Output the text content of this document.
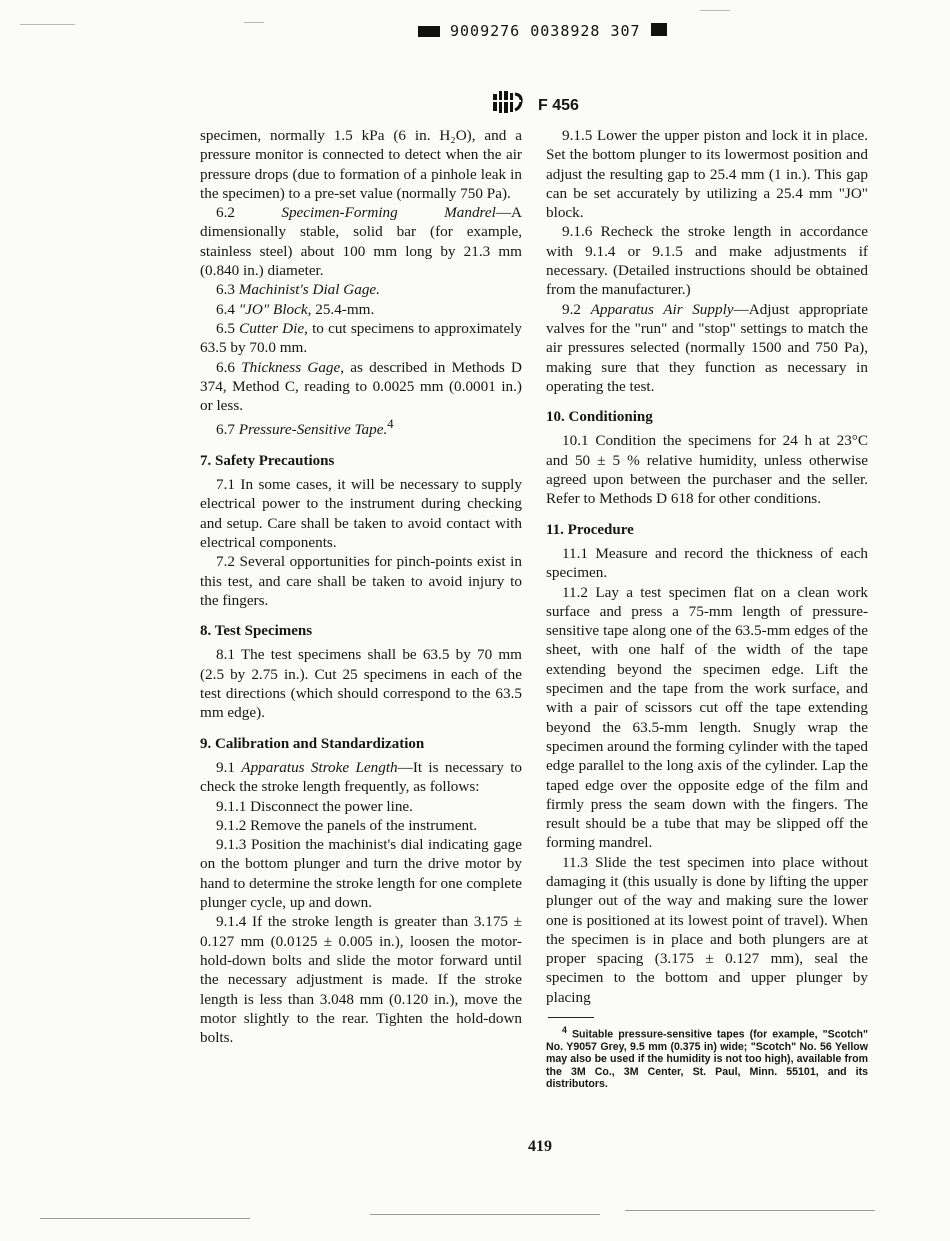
9009276 0038928 307
F 456

specimen, normally 1.5 kPa (6 in. H₂O), and a pressure monitor is connected to detect when the air pressure drops (due to formation of a pinhole leak in the specimen) to a pre-set value (normally 750 Pa).

6.2	Specimen-Forming Mandrel—A dimensionally stable, solid bar (for example, stainless steel) about 100 mm long by 21.3 mm (0.840 in.) diameter.

6.3 Machinist's Dial Gage.

6.4 "JO" Block, 25.4-mm.

6.5 Cutter Die, to cut specimens to approximately 63.5 by 70.0 mm.

6.6 Thickness Gage, as described in Methods D 374, Method C, reading to 0.0025 mm (0.0001 in.) or less.

6.7 Pressure-Sensitive Tape.$^4$

7. Safety Precautions

7.1 In some cases, it will be necessary to supply electrical power to the instrument during checking and setup. Care shall be taken to avoid contact with electrical components.

7.2 Several opportunities for pinch-points exist in this test, and care shall be taken to avoid injury to the fingers.

8. Test Specimens

8.1 The test specimens shall be 63.5 by 70 mm (2.5 by 2.75 in.). Cut 25 specimens in each of the test directions (which should correspond to the 63.5 mm edge).

9. Calibration and Standardization

9.1 Apparatus Stroke Length—It is necessary to check the stroke length frequently, as follows:

9.1.1 Disconnect the power line.

9.1.2 Remove the panels of the instrument.

9.1.3 Position the machinist's dial indicating gage on the bottom plunger and turn the drive motor by hand to determine the stroke length for one complete plunger cycle, up and down.

9.1.4 If the stroke length is greater than 3.175 ± 0.127 mm (0.0125 ± 0.005 in.), loosen the motor-hold-down bolts and slide the motor forward until the necessary adjustment is made. If the stroke length is less than 3.048 mm (0.120 in.), move the motor slightly to the rear. Tighten the hold-down bolts.

9.1.5 Lower the upper piston and lock it in place. Set the bottom plunger to its lowermost position and adjust the resulting gap to 25.4 mm (1 in.). This gap can be set accurately by utilizing a 25.4 mm "JO" block.

9.1.6 Recheck the stroke length in accordance with 9.1.4 or 9.1.5 and make adjustments if necessary. (Detailed instructions should be obtained from the manufacturer.)

9.2 Apparatus Air Supply—Adjust appropriate valves for the "run" and "stop" settings to match the air pressures selected (normally 1500 and 750 Pa), making sure that they function as necessary in operating the test.

10. Conditioning

10.1 Condition the specimens for 24 h at 23°C and 50 ± 5 % relative humidity, unless otherwise agreed upon between the purchaser and the seller. Refer to Methods D 618 for other conditions.

11. Procedure

11.1 Measure and record the thickness of each specimen.

11.2 Lay a test specimen flat on a clean work surface and press a 75-mm length of pressure-sensitive tape along one of the 63.5-mm edges of the sheet, with one half of the width of the tape extending beyond the specimen edge. Lift the specimen and the tape from the work surface, and with a pair of scissors cut off the tape extending beyond the 63.5-mm length. Snugly wrap the specimen around the forming cylinder with the taped edge parallel to the long axis of the cylinder. Lap the taped edge over the opposite edge of the film and firmly press the seam down with the fingers. The result should be a tube that may be slipped off the forming mandrel.

11.3 Slide the test specimen into place without damaging it (this usually is done by lifting the upper plunger out of the way and making sure the lower one is positioned at its lowest point of travel). When the specimen is in place and both plungers are at proper spacing (3.175 ± 0.127 mm), seal the specimen to the bottom and upper plunger by placing

$^4$ Suitable pressure-sensitive tapes (for example, "Scotch" No. Y9057 Grey, 9.5 mm (0.375 in) wide; "Scotch" No. 56 Yellow may also be used if the humidity is not too high), available from the 3M Co., 3M Center, St. Paul, Minn. 55101, and its distributors.

419
